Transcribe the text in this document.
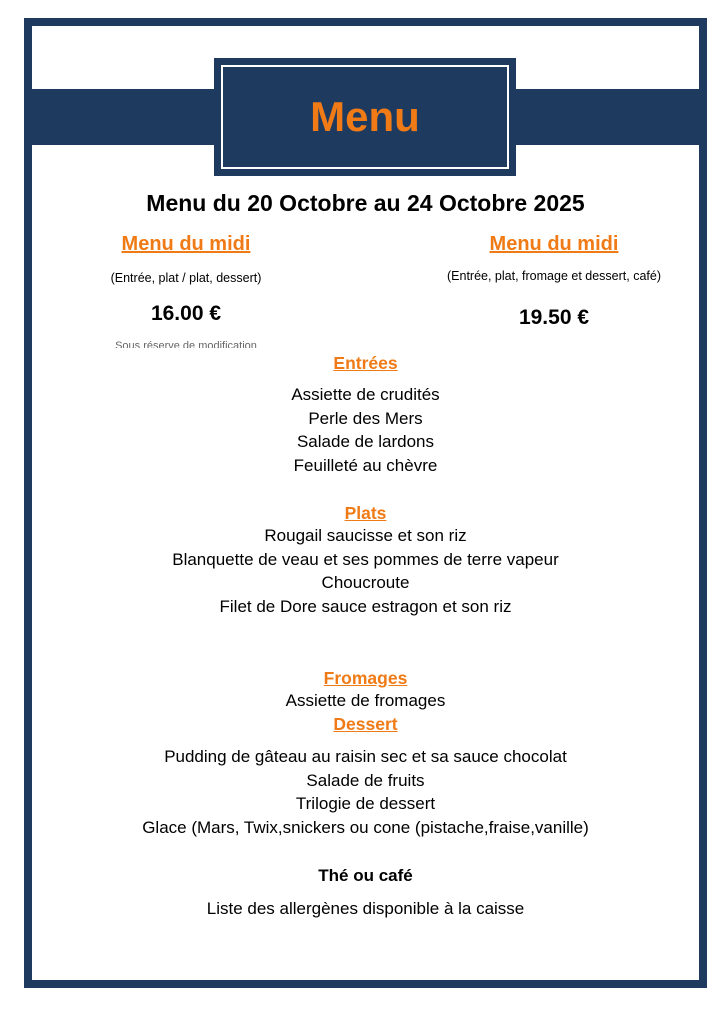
Menu
Menu du 20 Octobre au 24 Octobre 2025
Menu du midi
(Entrée, plat / plat, dessert)
16.00 €
Sous réserve de modification
Menu du midi
(Entrée, plat, fromage et dessert, café)
19.50 €
Entrées
Assiette de crudités
Perle des Mers
Salade de lardons
Feuilleté au chèvre
Plats
Rougail saucisse et son riz
Blanquette de veau et ses pommes de terre vapeur
Choucroute
Filet de Dore sauce estragon et son riz
Fromages
Assiette de fromages
Dessert
Pudding de gâteau au raisin sec et sa sauce chocolat
Salade de fruits
Trilogie de dessert
Glace (Mars, Twix,snickers ou cone (pistache,fraise,vanille)
Thé ou café
Liste des allergènes disponible à la caisse
